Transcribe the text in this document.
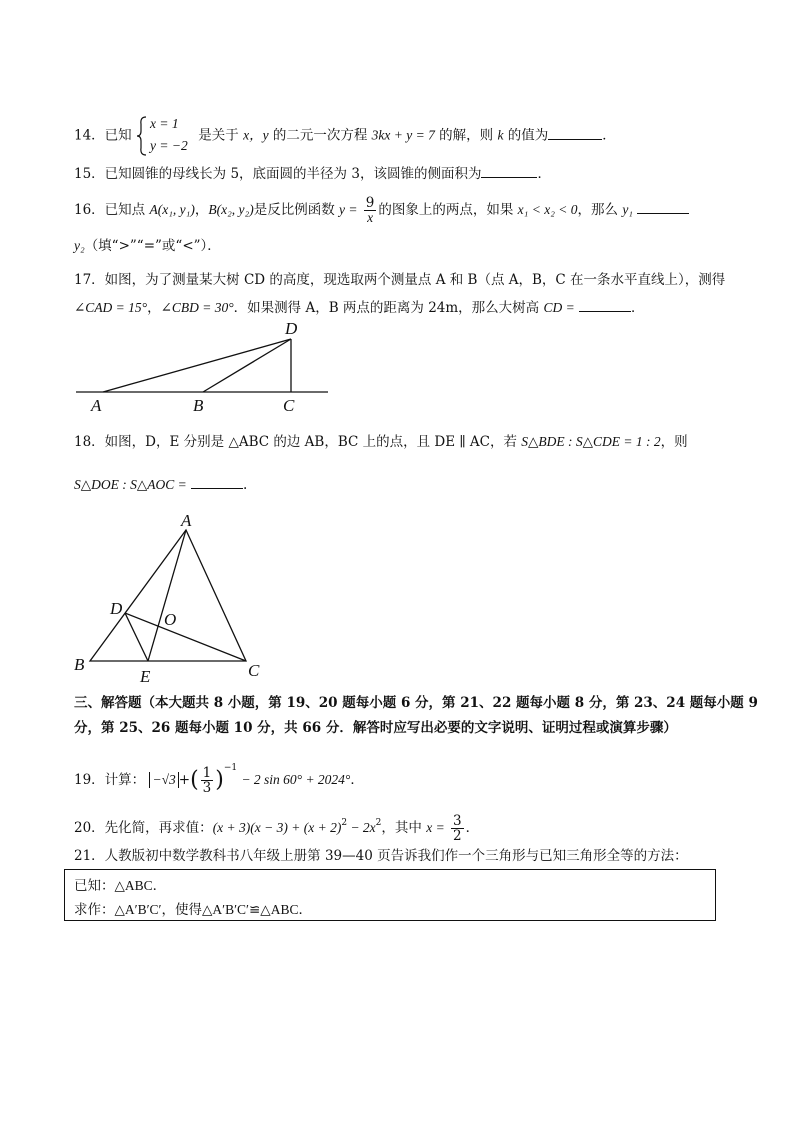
14．已知
x = 1
y = −2
是关于 x，y 的二元一次方程 3kx + y = 7 的解，则 k 的值为	．
15．已知圆锥的母线长为 5，底面圆的半径为 3，该圆锥的侧面积为	．
16．已知点 A(x₁, y₁)，B(x₂, y₂)是反比例函数 $y = \frac{9}{x}$ 的图象上的两点，如果 x₁ < x₂ < 0，那么 y₁
y₂（填“>”“=”或“<”）．
17．如图，为了测量某大树 CD 的高度，现选取两个测量点 A 和 B（点 A，B，C 在一条水平直线上），测得
∠CAD = 15°，∠CBD = 30°．如果测得 A，B 两点的距离为 24m，那么大树高 CD =	．
A	B	C
D
18．如图，D，E 分别是 △ABC 的边 AB，BC 上的点，且 DE ∥ AC，若 S△BDE : S△CDE = 1 : 2，则
S△DOE : S△AOC =	.
A
B	C
D
E
O
三、解答题（本大题共 8 小题，第 19、20 题每小题 6 分，第 21、22 题每小题 8 分，第 23、24 题每小题 9
分，第 25、26 题每小题 10 分，共 66 分．解答时应写出必要的文字说明、证明过程或演算步骤）
19．计算： −√3 +( $\frac{1}{3} )^{-1} - 2$ sin 60° + 2024°．
20．先化简，再求值：$(x + 3)(x - 3) + (x + 2)^2 - 2x^2$，其中 $x = \frac{3}{2}$ ．
21．人教版初中数学教科书八年级上册第 39—40 页告诉我们作一个三角形与已知三角形全等的方法：
已知：△ABC．
求作：△A′B′C′，使得△A′B′C′≌△ABC．
